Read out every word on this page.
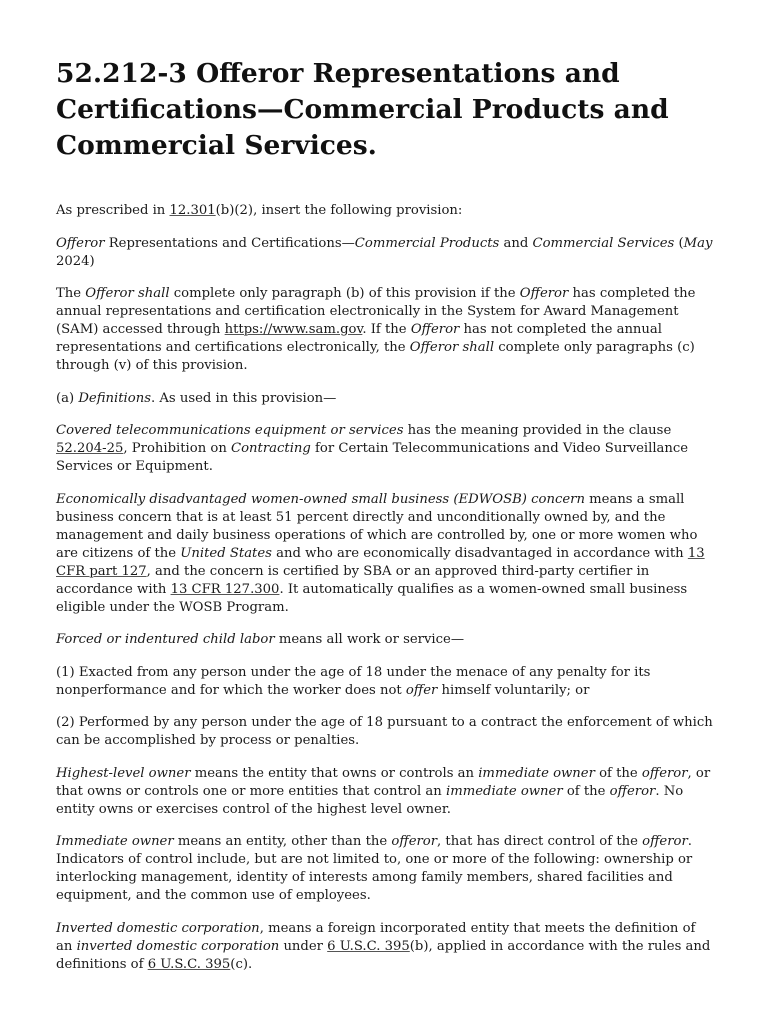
52.212-3 Offeror Representations and Certifications—Commercial Products and Commercial Services.

As prescribed in 12.301(b)(2), insert the following provision:

Offeror Representations and Certifications—Commercial Products and Commercial Services (May 2024)

The Offeror shall complete only paragraph (b) of this provision if the Offeror has completed the annual representations and certification electronically in the System for Award Management (SAM) accessed through https://www.sam.gov. If the Offeror has not completed the annual representations and certifications electronically, the Offeror shall complete only paragraphs (c) through (v) of this provision.

(a) Definitions. As used in this provision—

Covered telecommunications equipment or services has the meaning provided in the clause 52.204-25, Prohibition on Contracting for Certain Telecommunications and Video Surveillance Services or Equipment.

Economically disadvantaged women-owned small business (EDWOSB) concern means a small business concern that is at least 51 percent directly and unconditionally owned by, and the management and daily business operations of which are controlled by, one or more women who are citizens of the United States and who are economically disadvantaged in accordance with 13 CFR part 127, and the concern is certified by SBA or an approved third-party certifier in accordance with 13 CFR 127.300. It automatically qualifies as a women-owned small business eligible under the WOSB Program.

Forced or indentured child labor means all work or service—

(1) Exacted from any person under the age of 18 under the menace of any penalty for its nonperformance and for which the worker does not offer himself voluntarily; or

(2) Performed by any person under the age of 18 pursuant to a contract the enforcement of which can be accomplished by process or penalties.

Highest-level owner means the entity that owns or controls an immediate owner of the offeror, or that owns or controls one or more entities that control an immediate owner of the offeror. No entity owns or exercises control of the highest level owner.

Immediate owner means an entity, other than the offeror, that has direct control of the offeror. Indicators of control include, but are not limited to, one or more of the following: ownership or interlocking management, identity of interests among family members, shared facilities and equipment, and the common use of employees.

Inverted domestic corporation, means a foreign incorporated entity that meets the definition of an inverted domestic corporation under 6 U.S.C. 395(b), applied in accordance with the rules and definitions of 6 U.S.C. 395(c).
